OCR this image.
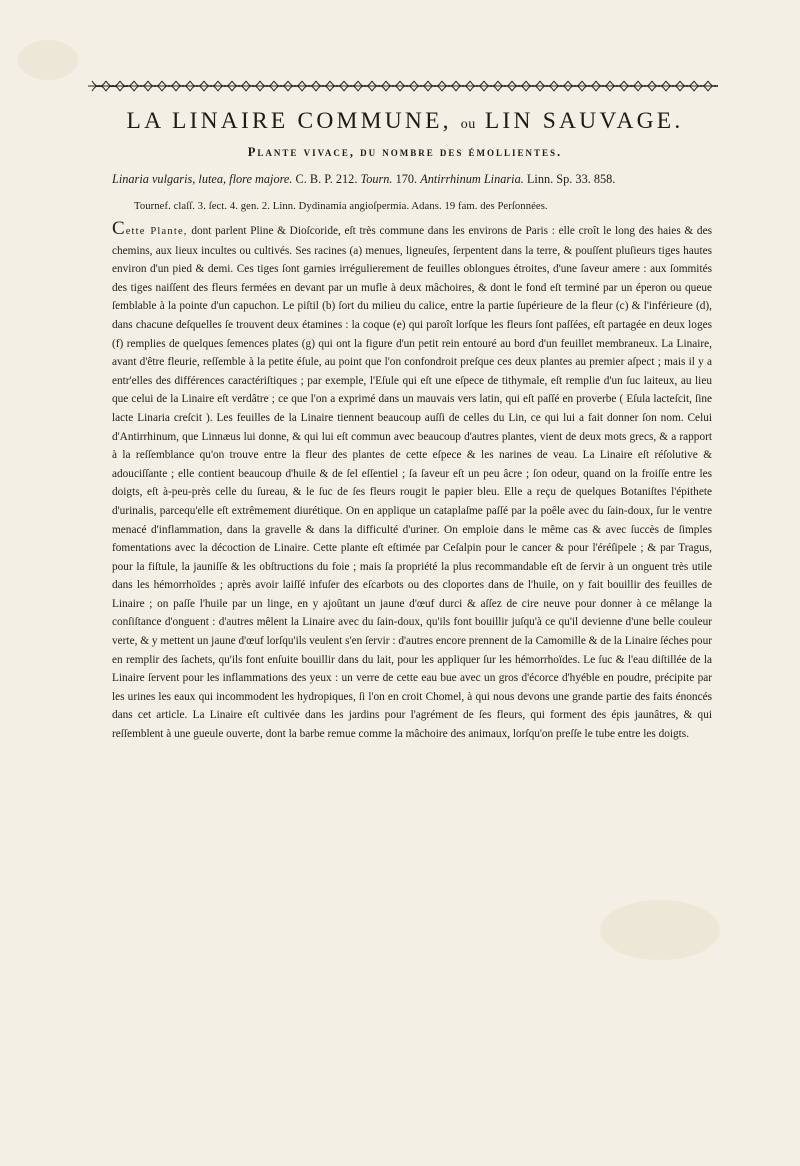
LA LINAIRE COMMUNE, ou LIN SAUVAGE.
Plante vivace, du nombre des émollientes.
Linaria vulgaris, lutea, flore majore. C. B. P. 212. Tourn. 170. Antirrhinum Linaria. Linn. Sp. 33. 858.
Tournef. claſſ. 3. ſect. 4. gen. 2. Linn. Dydinamia angioſpermia. Adans. 19 fam. des Perſonnées.

Cette Plante, dont parlent Pline & Dioſcoride, eſt très commune dans les environs de Paris : elle croît le long des haies & des chemins, aux lieux incultes ou cultivés. Ses racines (a) menues, ligneuſes, ſerpentent dans la terre, & pouſſent pluſieurs tiges hautes environ d'un pied & demi. Ces tiges ſont garnies irrégulierement de feuilles oblongues étroites, d'une ſaveur amere : aux ſommités des tiges naiſſent des fleurs fermées en devant par un mufle à deux mâchoires, & dont le fond eſt terminé par un éperon ou queue ſemblable à la pointe d'un capuchon. Le piſtil (b) ſort du milieu du calice, entre la partie ſupérieure de la fleur (c) & l'inférieure (d), dans chacune deſquelles ſe trouvent deux étamines : la coque (e) qui paroît lorſque les fleurs ſont paſſées, eſt partagée en deux loges (f) remplies de quelques ſemences plates (g) qui ont la figure d'un petit rein entouré au bord d'un feuillet membraneux. La Linaire, avant d'être fleurie, reſſemble à la petite éſule, au point que l'on confondroit preſque ces deux plantes au premier aſpect ; mais il y a entr'elles des différences caractériſtiques ; par exemple, l'Eſule qui eſt une eſpece de tithymale, eſt remplie d'un ſuc laiteux, au lieu que celui de la Linaire eſt verdâtre ; ce que l'on a exprimé dans un mauvais vers latin, qui eſt paſſé en proverbe ( Eſula lacteſcit, ſine lacte Linaria creſcit ). Les feuilles de la Linaire tiennent beaucoup auſſi de celles du Lin, ce qui lui a fait donner ſon nom. Celui d'Antirrhinum, que Linnæus lui donne, & qui lui eſt commun avec beaucoup d'autres plantes, vient de deux mots grecs, & a rapport à la reſſemblance qu'on trouve entre la fleur des plantes de cette eſpece & les narines de veau. La Linaire eſt réſolutive & adouciſſante ; elle contient beaucoup d'huile & de ſel eſſentiel ; ſa ſaveur eſt un peu âcre ; ſon odeur, quand on la froiſſe entre les doigts, eſt à-peu-près celle du ſureau, & le ſuc de ſes fleurs rougit le papier bleu. Elle a reçu de quelques Botaniſtes l'épithete d'urinalis, parcequ'elle eſt extrêmement diurétique. On en applique un cataplaſme paſſé par la poêle avec du ſain-doux, ſur le ventre menacé d'inflammation, dans la gravelle & dans la difficulté d'uriner. On emploie dans le même cas & avec ſuccès de ſimples fomentations avec la décoction de Linaire. Cette plante eſt eſtimée par Ceſalpin pour le cancer & pour l'éréſipele ; & par Tragus, pour la fiſtule, la jauniſſe & les obſtructions du foie ; mais ſa propriété la plus recommandable eſt de ſervir à un onguent très utile dans les hémorrhoïdes ; après avoir laiſſé infuſer des eſcarbots ou des cloportes dans de l'huile, on y fait bouillir des feuilles de Linaire ; on paſſe l'huile par un linge, en y ajoûtant un jaune d'œuf durci & aſſez de cire neuve pour donner à ce mêlange la conſiſtance d'onguent : d'autres mêlent la Linaire avec du ſain-doux, qu'ils font bouillir juſqu'à ce qu'il devienne d'une belle couleur verte, & y mettent un jaune d'œuf lorſqu'ils veulent s'en ſervir : d'autres encore prennent de la Camomille & de la Linaire ſéches pour en remplir des ſachets, qu'ils font enſuite bouillir dans du lait, pour les appliquer ſur les hémorrhoïdes. Le ſuc & l'eau diſtillée de la Linaire ſervent pour les inflammations des yeux : un verre de cette eau bue avec un gros d'écorce d'hyéble en poudre, précipite par les urines les eaux qui incommodent les hydropiques, ſi l'on en croit Chomel, à qui nous devons une grande partie des faits énoncés dans cet article. La Linaire eſt cultivée dans les jardins pour l'agrément de ſes fleurs, qui forment des épis jaunâtres, & qui reſſemblent à une gueule ouverte, dont la barbe remue comme la mâchoire des animaux, lorſqu'on preſſe le tube entre les doigts.
